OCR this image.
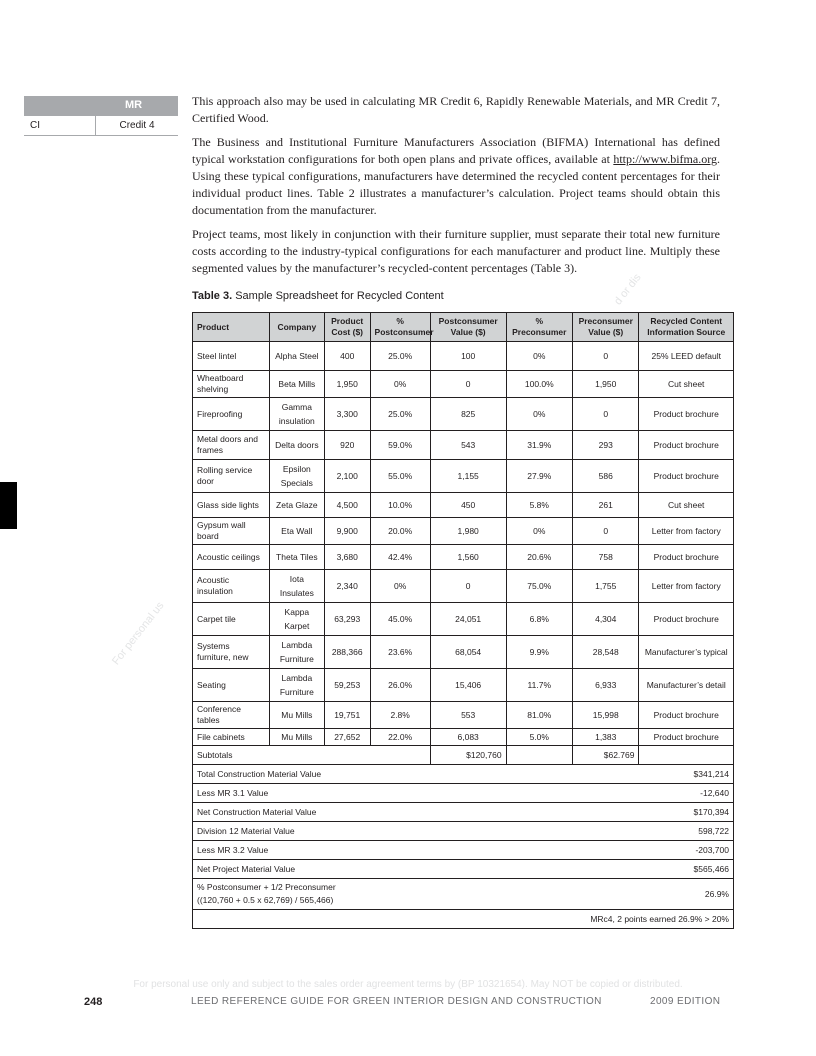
MR
CI	Credit 4

This approach also may be used in calculating MR Credit 6, Rapidly Renewable Materials, and MR Credit 7, Certified Wood.

The Business and Institutional Furniture Manufacturers Association (BIFMA) International has defined typical workstation configurations for both open plans and private offices, available at http://www.bifma.org. Using these typical configurations, manufacturers have determined the recycled content percentages for their individual product lines. Table 2 illustrates a manufacturer’s calculation. Project teams should obtain this documentation from the manufacturer.

Project teams, most likely in conjunction with their furniture supplier, must separate their total new furniture costs according to the industry-typical configurations for each manufacturer and product line. Multiply these segmented values by the manufacturer’s recycled-content percentages (Table 3).

Table 3. Sample Spreadsheet for Recycled Content
Product	Company	Product Cost ($)	% Postconsumer	Postconsumer Value ($)	% Preconsumer	Preconsumer Value ($)	Recycled Content Information Source
Steel lintel	Alpha Steel	400	25.0%	100	0%	0	25% LEED default
Wheatboard shelving	Beta Mills	1,950	0%	0	100.0%	1,950	Cut sheet
Fireproofing	Gamma insulation	3,300	25.0%	825	0%	0	Product brochure
Metal doors and frames	Delta doors	920	59.0%	543	31.9%	293	Product brochure
Rolling service door	Epsilon Specials	2,100	55.0%	1,155	27.9%	586	Product brochure
Glass side lights	Zeta Glaze	4,500	10.0%	450	5.8%	261	Cut sheet
Gypsum wall board	Eta Wall	9,900	20.0%	1,980	0%	0	Letter from factory
Acoustic ceilings	Theta Tiles	3,680	42.4%	1,560	20.6%	758	Product brochure
Acoustic insulation	Iota Insulates	2,340	0%	0	75.0%	1,755	Letter from factory
Carpet tile	Kappa Karpet	63,293	45.0%	24,051	6.8%	4,304	Product brochure
Systems furniture, new	Lambda Furniture	288,366	23.6%	68,054	9.9%	28,548	Manufacturer’s typical
Seating	Lambda Furniture	59,253	26.0%	15,406	11.7%	6,933	Manufacturer’s detail
Conference tables	Mu Mills	19,751	2.8%	553	81.0%	15,998	Product brochure
File cabinets	Mu Mills	27,652	22.0%	6,083	5.0%	1,383	Product brochure
Subtotals				$120,760		$62.769	
Total Construction Material Value				$341,214			
Less MR 3.1 Value				-12,640			
Net Construction Material Value				$170,394			
Division 12 Material Value				598,722			
Less MR 3.2 Value				-203,700			
Net Project Material Value				$565,466			
% Postconsumer + 1/2 Preconsumer
((120,760 + 0.5 x 62,769) / 565,466)				26.9%			
MRc4, 2 points earned 26.9% > 20%							
For personal us
d or dis
For personal use only and subject to the sales order agreement terms by (BP 10321654). May NOT be copied or distributed.
248	LEED REFERENCE GUIDE FOR GREEN INTERIOR DESIGN AND CONSTRUCTION	2009 EDITION
